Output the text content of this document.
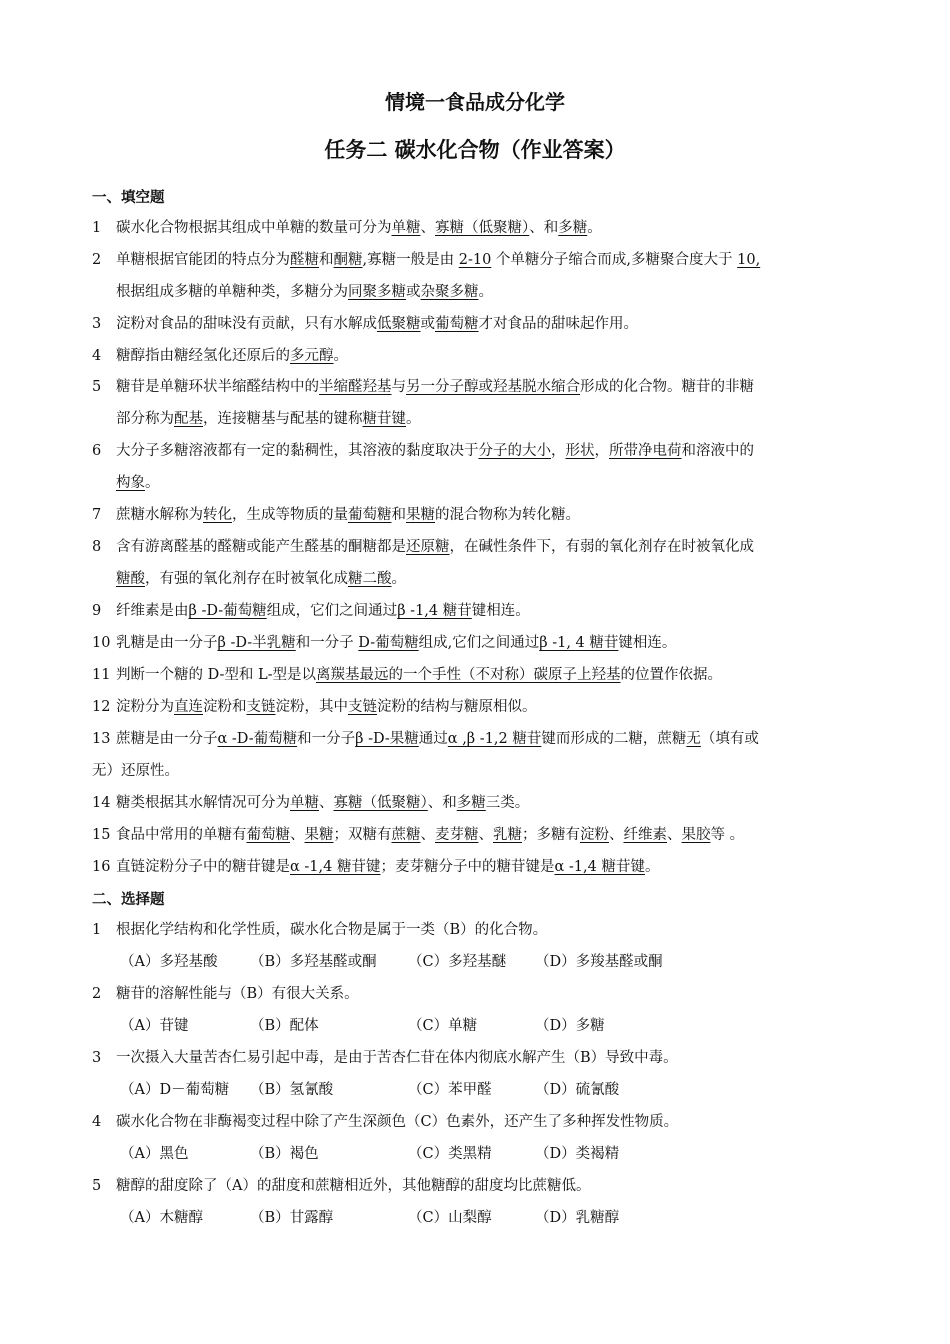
情境一食品成分化学
任务二 碳水化合物（作业答案）
一、填空题
二、选择题
1 碳水化合物根据其组成中单糖的数量可分为单糖、寡糖（低聚糖）、和多糖。
2 单糖根据官能团的特点分为醛糖和酮糖,寡糖一般是由 2-10 个单糖分子缩合而成,多糖聚合度大于 10,
根据组成多糖的单糖种类，多糖分为同聚多糖或杂聚多糖。
3 淀粉对食品的甜味没有贡献，只有水解成低聚糖或葡萄糖才对食品的甜味起作用。
4 糖醇指由糖经氢化还原后的多元醇。
5 糖苷是单糖环状半缩醛结构中的半缩醛羟基与另一分子醇或羟基脱水缩合形成的化合物。糖苷的非糖
部分称为配基，连接糖基与配基的键称糖苷键。
6 大分子多糖溶液都有一定的黏稠性，其溶液的黏度取决于分子的大小，形状，所带净电荷和溶液中的
构象。
7 蔗糖水解称为转化，生成等物质的量葡萄糖和果糖的混合物称为转化糖。
8 含有游离醛基的醛糖或能产生醛基的酮糖都是还原糖，在碱性条件下，有弱的氧化剂存在时被氧化成
糖酸，有强的氧化剂存在时被氧化成糖二酸。
9 纤维素是由β -D-葡萄糖组成，它们之间通过β -1,4 糖苷键相连。
10 乳糖是由一分子β -D-半乳糖和一分子 D-葡萄糖组成,它们之间通过β -1, 4 糖苷键相连。
11 判断一个糖的 D-型和 L-型是以离羰基最远的一个手性（不对称）碳原子上羟基的位置作依据。
12 淀粉分为直连淀粉和支链淀粉，其中支链淀粉的结构与糖原相似。
13 蔗糖是由一分子α -D-葡萄糖和一分子β -D-果糖通过α ,β -1,2 糖苷键而形成的二糖，蔗糖无（填有或
无）还原性。
14 糖类根据其水解情况可分为单糖、寡糖（低聚糖）、和多糖三类。
15 食品中常用的单糖有葡萄糖、果糖；双糖有蔗糖、麦芽糖、乳糖；多糖有淀粉、纤维素、果胶等 。
16 直链淀粉分子中的糖苷键是α -1,4 糖苷键；麦芽糖分子中的糖苷键是α -1,4 糖苷键。
1 根据化学结构和化学性质，碳水化合物是属于一类（B）的化合物。
（A）多羟基酸 （B）多羟基醛或酮 （C）多羟基醚 （D）多羧基醛或酮
2 糖苷的溶解性能与（B）有很大关系。
（A）苷键	（B）配体	（C）单糖	（D）多糖
3 一次摄入大量苦杏仁易引起中毒，是由于苦杏仁苷在体内彻底水解产生（B）导致中毒。
（A）D－葡萄糖 （B）氢氰酸	（C）苯甲醛	（D）硫氰酸
4 碳水化合物在非酶褐变过程中除了产生深颜色（C）色素外，还产生了多种挥发性物质。
（A）黑色	（B）褐色	（C）类黑精	（D）类褐精
5 糖醇的甜度除了（A）的甜度和蔗糖相近外，其他糖醇的甜度均比蔗糖低。
（A）木糖醇	（B）甘露醇	（C）山梨醇	（D）乳糖醇
